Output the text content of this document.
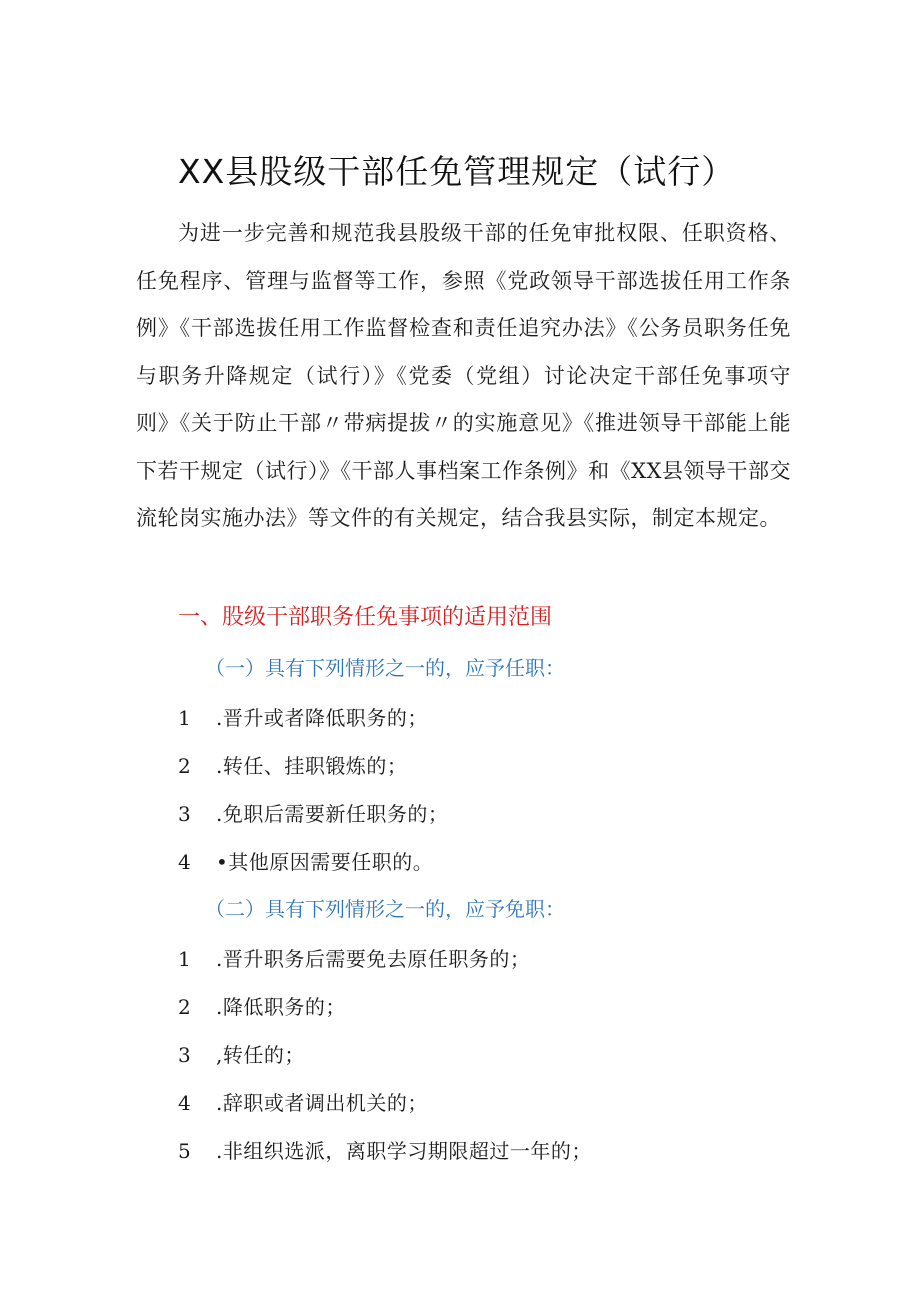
XX县股级干部任免管理规定（试行）

为进一步完善和规范我县股级干部的任免审批权限、任职资格、任免程序、管理与监督等工作，参照《党政领导干部选拔任用工作条例》《干部选拔任用工作监督检查和责任追究办法》《公务员职务任免与职务升降规定（试行）》《党委（党组）讨论决定干部任免事项守则》《关于防止干部〃带病提拔〃的实施意见》《推进领导干部能上能下若干规定（试行）》《干部人事档案工作条例》和《XX县领导干部交流轮岗实施办法》等文件的有关规定，结合我县实际，制定本规定。

一、股级干部职务任免事项的适用范围
（一）具有下列情形之一的，应予任职：
1 .晋升或者降低职务的；
2 .转任、挂职锻炼的；
3 .免职后需要新任职务的；
4 •其他原因需要任职的。
（二）具有下列情形之一的，应予免职：
1 .晋升职务后需要免去原任职务的；
2 .降低职务的；
3 ,转任的；
4 .辞职或者调出机关的；
5 .非组织选派，离职学习期限超过一年的；
